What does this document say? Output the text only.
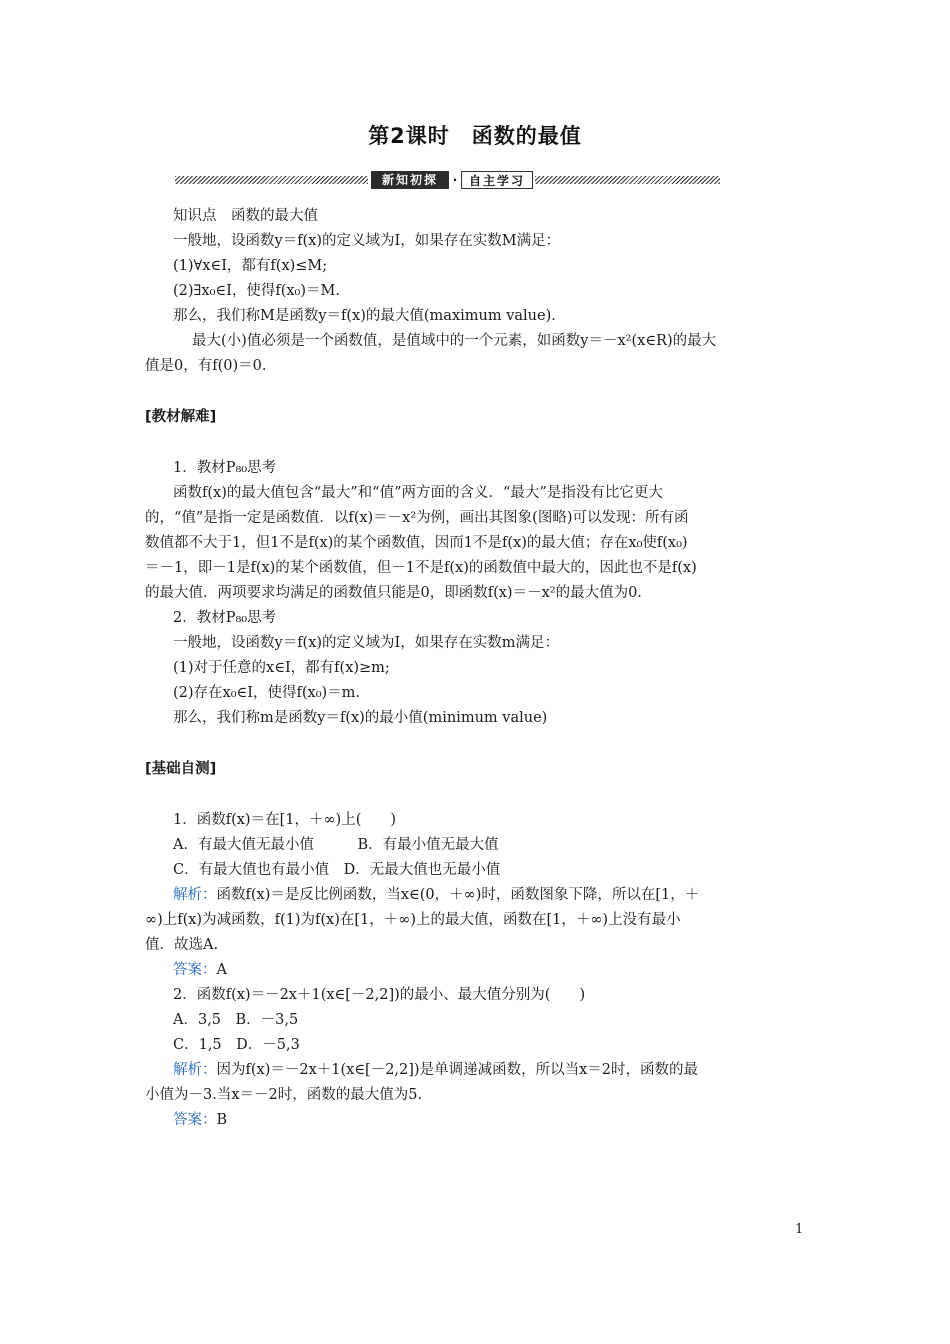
第2课时　函数的最值
新知初探	· 自主学习
知识点　函数的最大值
一般地，设函数y＝f(x)的定义域为I，如果存在实数M满足：
(1)∀x∈I，都有f(x)≤M;
(2)∃x₀∈I，使得f(x₀)＝M.
那么，我们称M是函数y＝f(x)的最大值(maximum value).
最大(小)值必须是一个函数值，是值域中的一个元素，如函数y＝－x²(x∈R)的最大
值是0，有f(0)＝0.
[教材解难]
1．教材P₈₀思考
函数f(x)的最大值包含“最大”和“值”两方面的含义．“最大”是指没有比它更大
的，“值”是指一定是函数值．以f(x)＝－x²为例，画出其图象(图略)可以发现：所有函
数值都不大于1，但1不是f(x)的某个函数值，因而1不是f(x)的最大值；存在x₀使f(x₀)
＝－1，即－1是f(x)的某个函数值，但－1不是f(x)的函数值中最大的，因此也不是f(x)
的最大值．两项要求均满足的函数值只能是0，即函数f(x)＝－x²的最大值为0.
2．教材P₈₀思考
一般地，设函数y＝f(x)的定义域为I，如果存在实数m满足：
(1)对于任意的x∈I，都有f(x)≥m;
(2)存在x₀∈I，使得f(x₀)＝m.
那么，我们称m是函数y＝f(x)的最小值(minimum value)
[基础自测]
1．函数f(x)＝在[1，＋∞)上(　　)
A．有最大值无最小值　　　B．有最小值无最大值
C．有最大值也有最小值　D．无最大值也无最小值
解析：函数f(x)＝是反比例函数，当x∈(0，＋∞)时，函数图象下降，所以在[1，＋
∞)上f(x)为减函数，f(1)为f(x)在[1，＋∞)上的最大值，函数在[1，＋∞)上没有最小
值．故选A.
答案：A
2．函数f(x)＝－2x＋1(x∈[－2,2])的最小、最大值分别为(　　)
A．3,5　B．－3,5
C．1,5　D．－5,3
解析：因为f(x)＝－2x＋1(x∈[－2,2])是单调递减函数，所以当x＝2时，函数的最
小值为－3.当x＝－2时，函数的最大值为5.
答案：B
1
